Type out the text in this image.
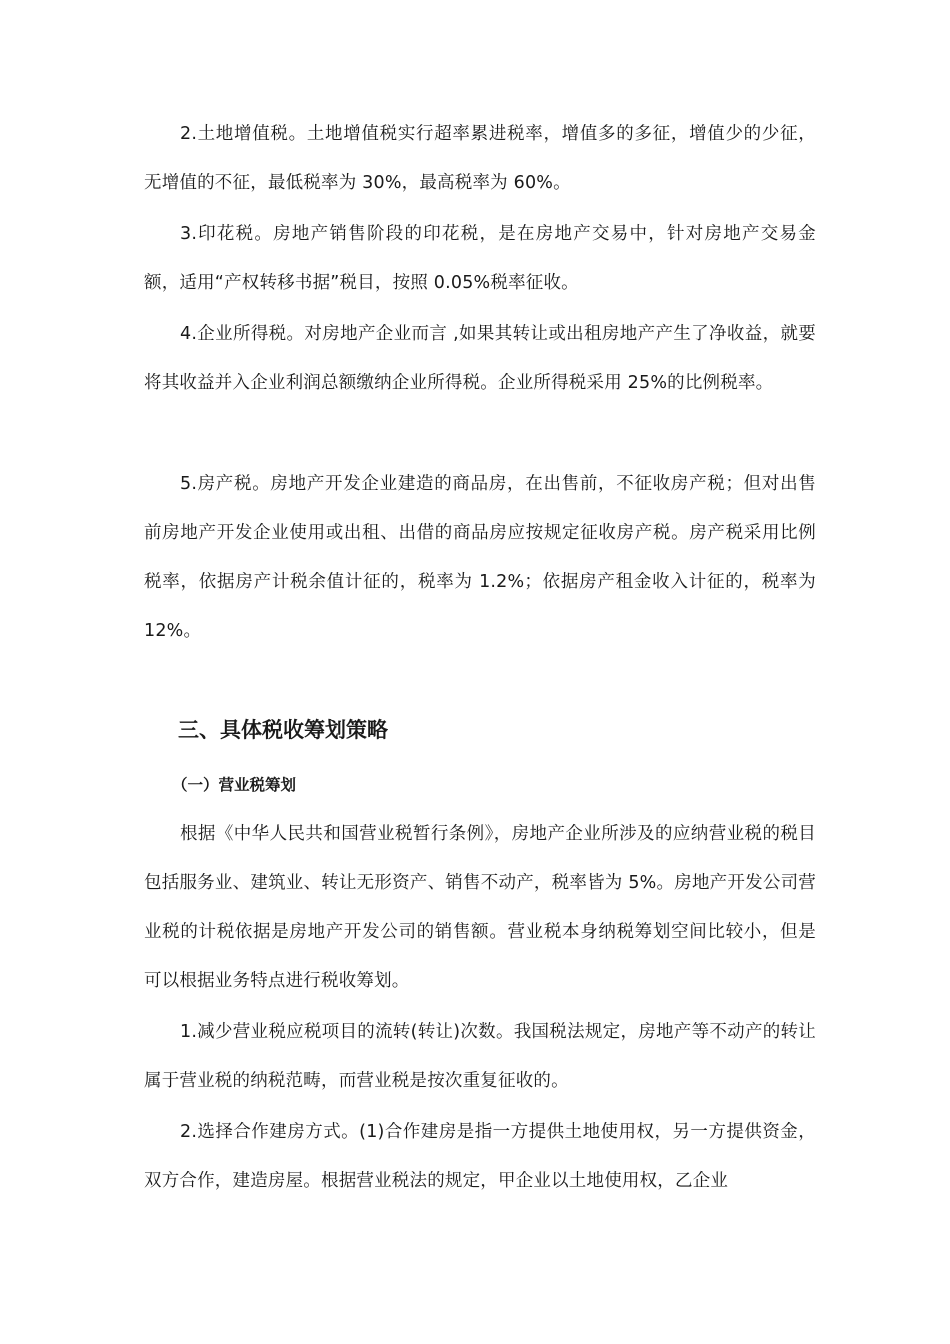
2.土地增值税。土地增值税实行超率累进税率，增值多的多征，增值少的少征，无增值的不征，最低税率为 30%，最高税率为 60%。

3.印花税。房地产销售阶段的印花税，是在房地产交易中，针对房地产交易金额，适用“产权转移书据”税目，按照 0.05%税率征收。

4.企业所得税。对房地产企业而言 ,如果其转让或出租房地产产生了净收益，就要将其收益并入企业利润总额缴纳企业所得税。企业所得税采用 25%的比例税率。

5.房产税。房地产开发企业建造的商品房，在出售前，不征收房产税；但对出售前房地产开发企业使用或出租、出借的商品房应按规定征收房产税。房产税采用比例税率，依据房产计税余值计征的，税率为 1.2%；依据房产租金收入计征的，税率为 12%。

三、具体税收筹划策略
（一）营业税筹划

根据《中华人民共和国营业税暂行条例》，房地产企业所涉及的应纳营业税的税目包括服务业、建筑业、转让无形资产、销售不动产，税率皆为 5%。房地产开发公司营业税的计税依据是房地产开发公司的销售额。营业税本身纳税筹划空间比较小，但是可以根据业务特点进行税收筹划。

1.减少营业税应税项目的流转(转让)次数。我国税法规定，房地产等不动产的转让属于营业税的纳税范畴，而营业税是按次重复征收的。

2.选择合作建房方式。(1)合作建房是指一方提供土地使用权，另一方提供资金，双方合作，建造房屋。根据营业税法的规定，甲企业以土地使用权，乙企业
